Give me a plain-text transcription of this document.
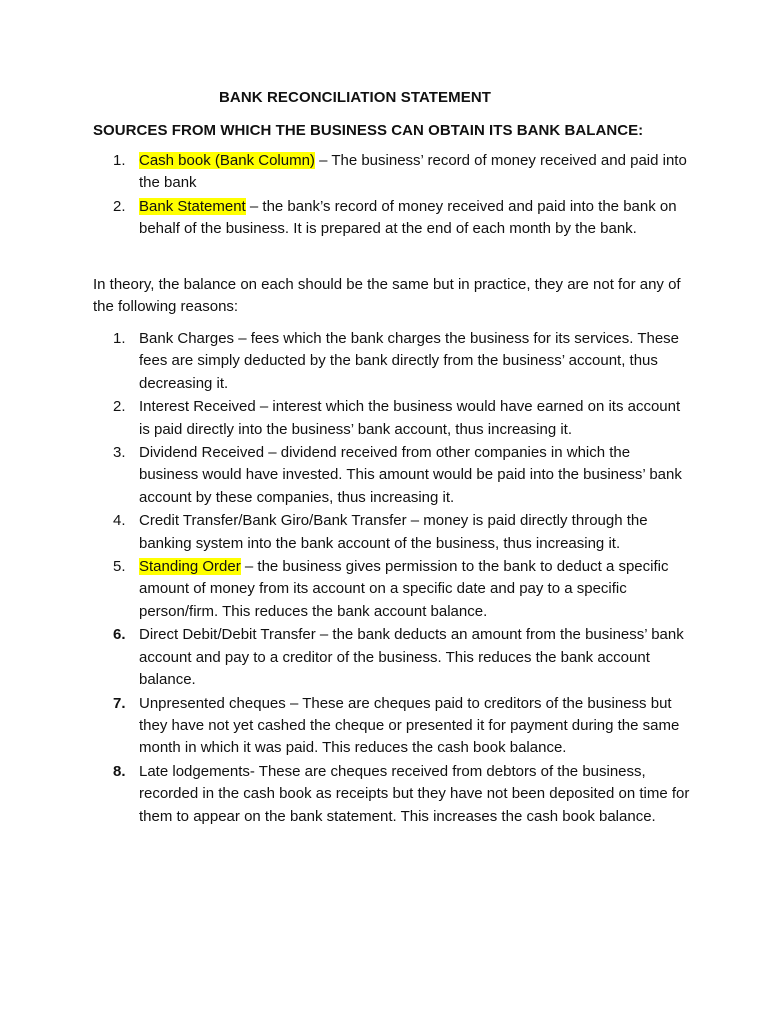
BANK RECONCILIATION STATEMENT
SOURCES FROM WHICH THE BUSINESS CAN OBTAIN ITS BANK BALANCE:
1. Cash book (Bank Column) – The business’ record of money received and paid into the bank
2. Bank Statement – the bank’s record of money received and paid into the bank on behalf of the business. It is prepared at the end of each month by the bank.

In theory, the balance on each should be the same but in practice, they are not for any of the following reasons:

1. Bank Charges – fees which the bank charges the business for its services. These fees are simply deducted by the bank directly from the business’ account, thus decreasing it.
2. Interest Received – interest which the business would have earned on its account is paid directly into the business’ bank account, thus increasing it.
3. Dividend Received – dividend received from other companies in which the business would have invested. This amount would be paid into the business’ bank account by these companies, thus increasing it.
4. Credit Transfer/Bank Giro/Bank Transfer – money is paid directly through the banking system into the bank account of the business, thus increasing it.
5. Standing Order – the business gives permission to the bank to deduct a specific amount of money from its account on a specific date and pay to a specific person/firm. This reduces the bank account balance.
6. Direct Debit/Debit Transfer – the bank deducts an amount from the business’ bank account and pay to a creditor of the business. This reduces the bank account balance.
7. Unpresented cheques – These are cheques paid to creditors of the business but they have not yet cashed the cheque or presented it for payment during the same month in which it was paid. This reduces the cash book balance.
8. Late lodgements- These are cheques received from debtors of the business, recorded in the cash book as receipts but they have not been deposited on time for them to appear on the bank statement. This increases the cash book balance.
